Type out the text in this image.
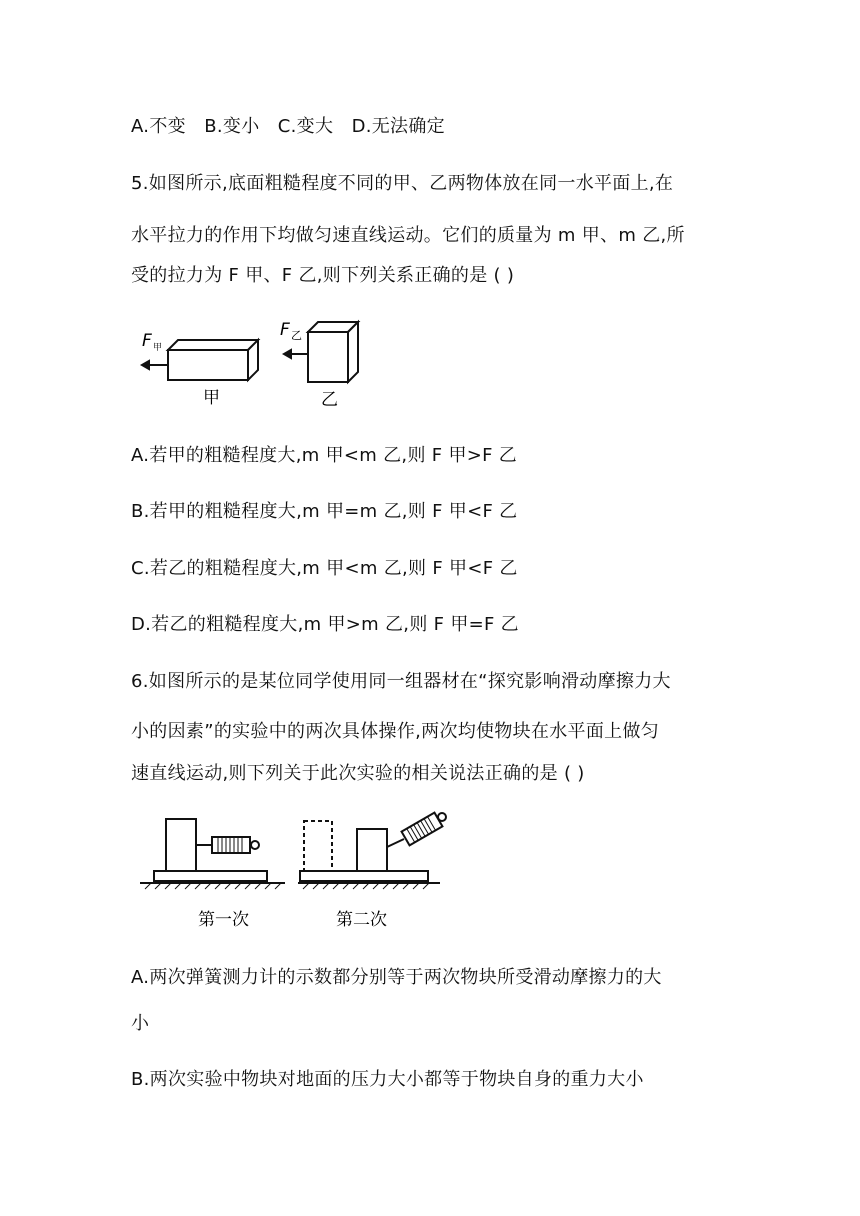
A.不变　B.变小　C.变大　D.无法确定
5.如图所示,底面粗糙程度不同的甲、乙两物体放在同一水平面上,在
水平拉力的作用下均做匀速直线运动。它们的质量为 m 甲、m 乙,所
受的拉力为 F 甲、F 乙,则下列关系正确的是 ( )
F 甲
F 乙
甲	乙
A.若甲的粗糙程度大,m 甲<m 乙,则 F 甲>F 乙
B.若甲的粗糙程度大,m 甲=m 乙,则 F 甲<F 乙
C.若乙的粗糙程度大,m 甲<m 乙,则 F 甲<F 乙
D.若乙的粗糙程度大,m 甲>m 乙,则 F 甲=F 乙
6.如图所示的是某位同学使用同一组器材在“探究影响滑动摩擦力大
小的因素”的实验中的两次具体操作,两次均使物块在水平面上做匀
速直线运动,则下列关于此次实验的相关说法正确的是 ( )
第一次	第二次
A.两次弹簧测力计的示数都分别等于两次物块所受滑动摩擦力的大
小
B.两次实验中物块对地面的压力大小都等于物块自身的重力大小
